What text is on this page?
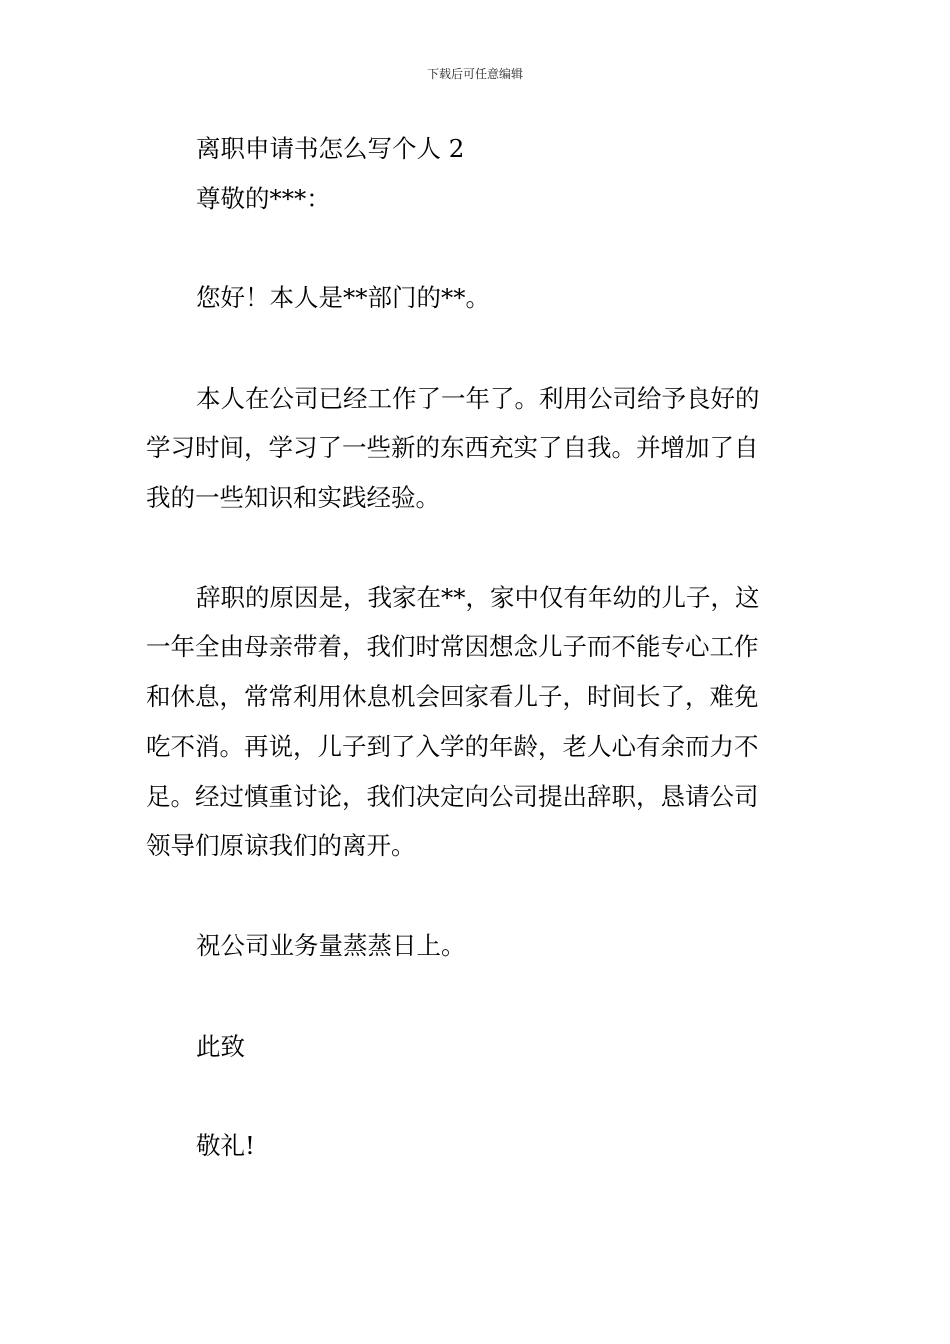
下载后可任意编辑
离职申请书怎么写个人 2
尊敬的***：
您好！本人是**部门的**。
本人在公司已经工作了一年了。利用公司给予良好的
学习时间，学习了一些新的东西充实了自我。并增加了自
我的一些知识和实践经验。
辞职的原因是，我家在**，家中仅有年幼的儿子，这
一年全由母亲带着，我们时常因想念儿子而不能专心工作
和休息，常常利用休息机会回家看儿子，时间长了，难免
吃不消。再说，儿子到了入学的年龄，老人心有余而力不
足。经过慎重讨论，我们决定向公司提出辞职，恳请公司
领导们原谅我们的离开。
祝公司业务量蒸蒸日上。
此致
敬礼!
